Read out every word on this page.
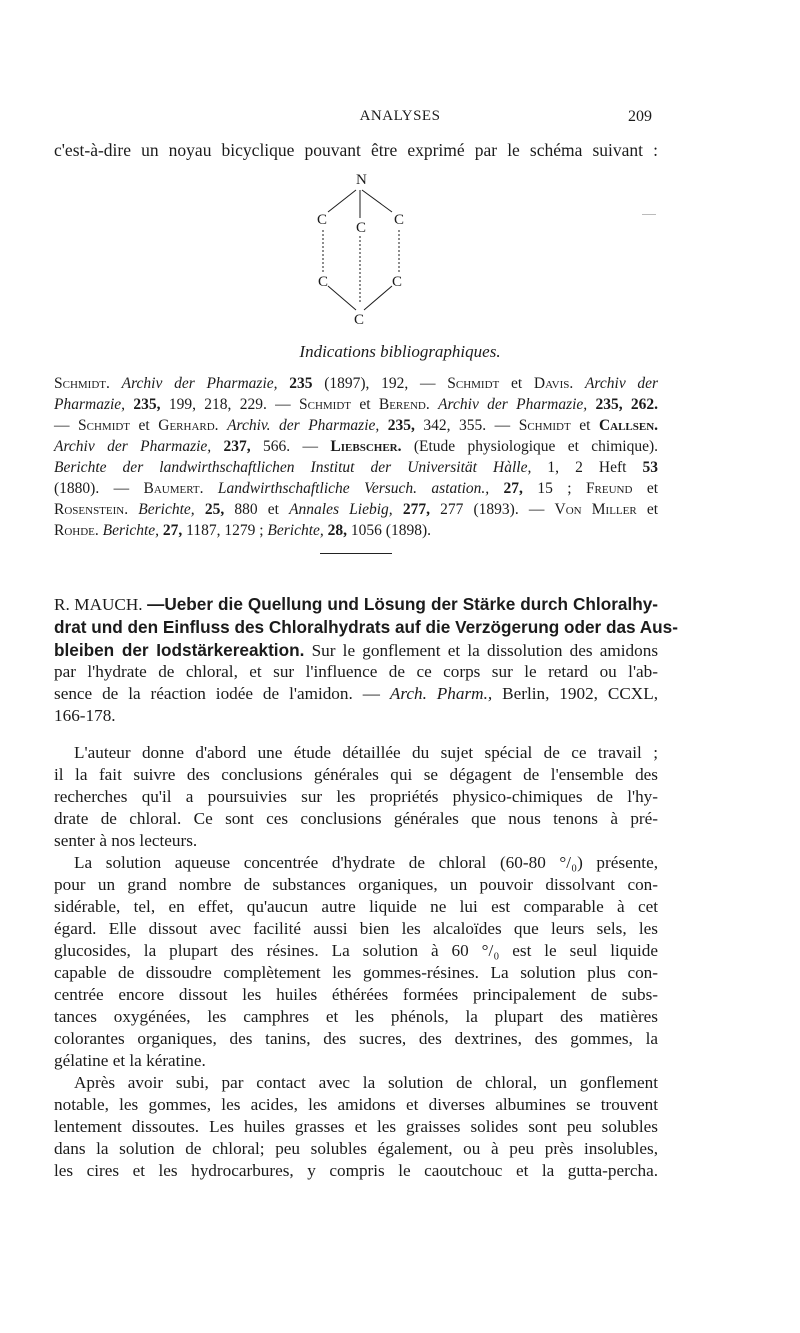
ANALYSES	209
c'est-à-dire un noyau bicyclique pouvant être exprimé par le schéma suivant :
N
C	C
C
C	C
C
Indications bibliographiques.
Schmidt. Archiv der Pharmazie, 235 (1897), 192, — Schmidt et Davis. Archiv der
Pharmazie, 235, 199, 218, 229. — Schmidt et Berend. Archiv der Pharmazie, 235, 262.
— Schmidt et Gerhard. Archiv. der Pharmazie, 235, 342, 355. — Schmidt et Callsen.
Archiv der Pharmazie, 237, 566. — Liebscher. (Etude physiologique et chimique).
Berichte der landwirthschaftlichen Institut der Universität Hàlle, 1, 2 Heft 53
(1880). — Baumert. Landwirthschaftliche Versuch. astation., 27, 15 ; Freund et
Rosenstein. Berichte, 25, 880 et Annales Liebig, 277, 277 (1893). — Von Miller et
Rohde. Berichte, 27, 1187, 1279 ; Berichte, 28, 1056 (1898).
R. MAUCH. —Ueber die Quellung und Lösung der Stärke durch Chloralhy-
drat und den Einfluss des Chloralhydrats auf die Verzögerung oder das Aus-
bleiben der Iodstärkereaktion. Sur le gonflement et la dissolution des amidons
par l'hydrate de chloral, et sur l'influence de ce corps sur le retard ou l'ab-
sence de la réaction iodée de l'amidon. — Arch. Pharm., Berlin, 1902, CCXL,
166-178.
L'auteur donne d'abord une étude détaillée du sujet spécial de ce travail ;
il la fait suivre des conclusions générales qui se dégagent de l'ensemble des
recherches qu'il a poursuivies sur les propriétés physico-chimiques de l'hy-
drate de chloral. Ce sont ces conclusions générales que nous tenons à pré-
senter à nos lecteurs.
La solution aqueuse concentrée d'hydrate de chloral (60-80 °/₀) présente,
pour un grand nombre de substances organiques, un pouvoir dissolvant con-
sidérable, tel, en effet, qu'aucun autre liquide ne lui est comparable à cet
égard. Elle dissout avec facilité aussi bien les alcaloïdes que leurs sels, les
glucosides, la plupart des résines. La solution à 60 °/₀ est le seul liquide
capable de dissoudre complètement les gommes-résines. La solution plus con-
centrée encore dissout les huiles éthérées formées principalement de subs-
tances oxygénées, les camphres et les phénols, la plupart des matières
colorantes organiques, des tanins, des sucres, des dextrines, des gommes, la
gélatine et la kératine.
Après avoir subi, par contact avec la solution de chloral, un gonflement
notable, les gommes, les acides, les amidons et diverses albumines se trouvent
lentement dissoutes. Les huiles grasses et les graisses solides sont peu solubles
dans la solution de chloral; peu solubles également, ou à peu près insolubles,
les cires et les hydrocarbures, y compris le caoutchouc et la gutta-percha.
